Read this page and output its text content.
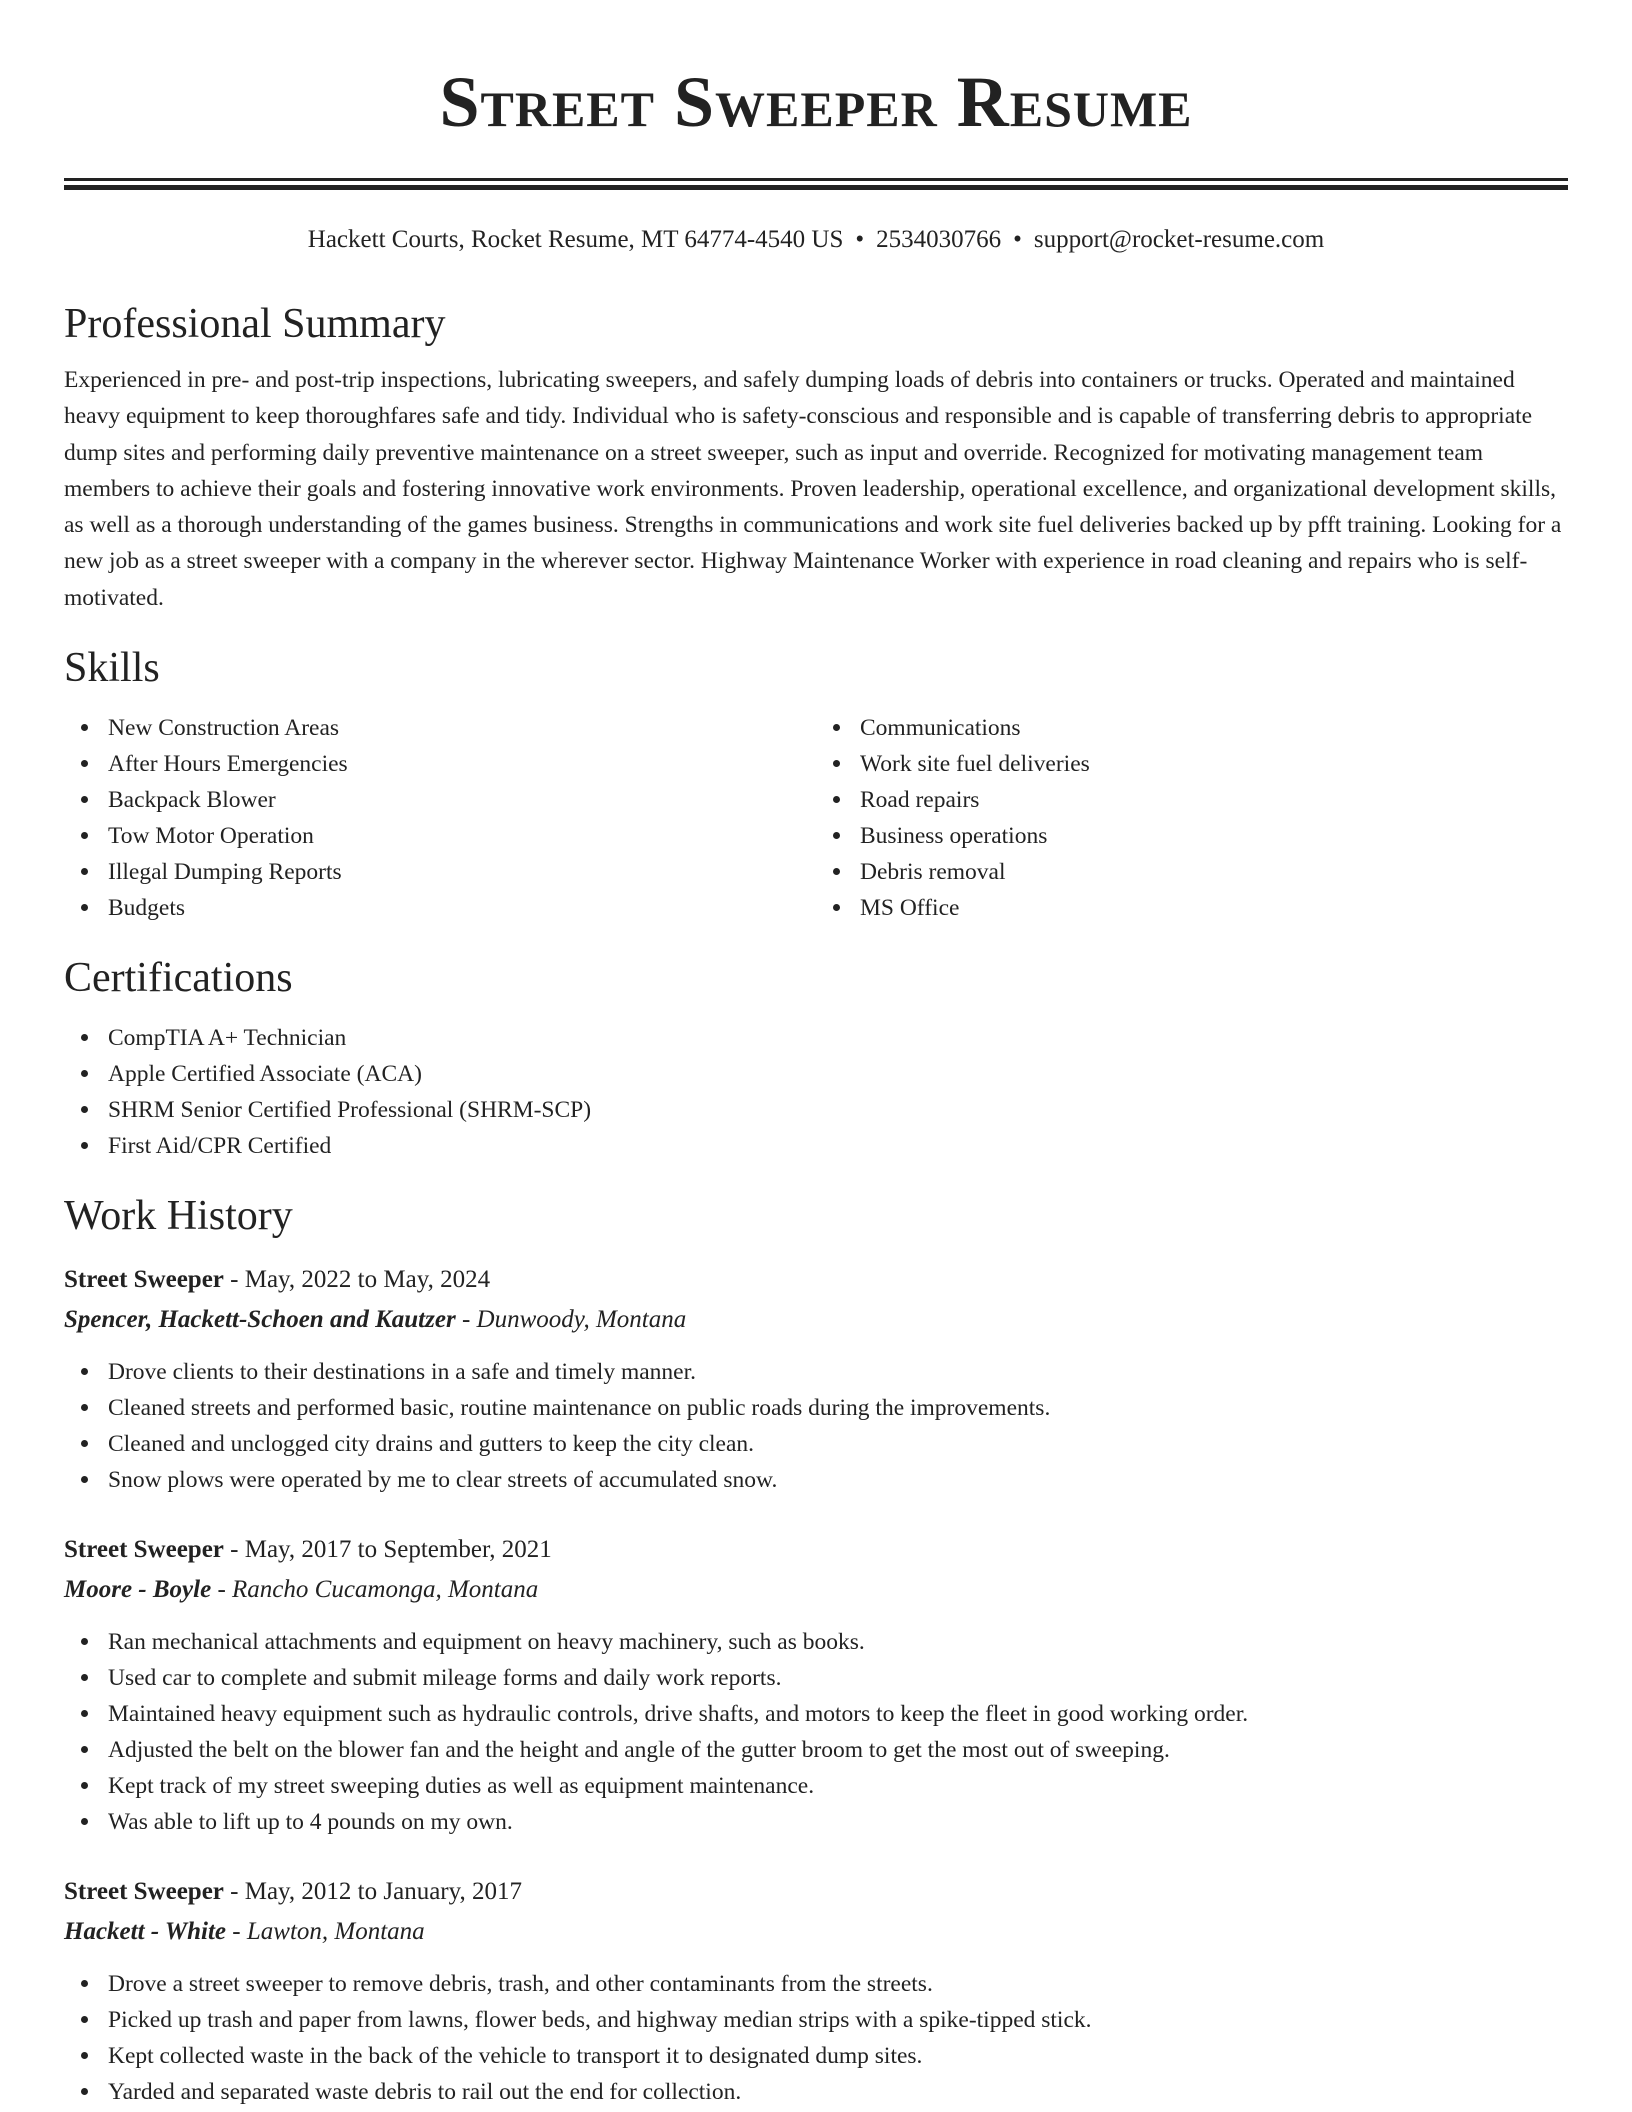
Street Sweeper Resume
Hackett Courts, Rocket Resume, MT 64774-4540 US • 2534030766 • support@rocket-resume.com
Professional Summary
Experienced in pre- and post-trip inspections, lubricating sweepers, and safely dumping loads of debris into containers or trucks. Operated and maintained heavy equipment to keep thoroughfares safe and tidy. Individual who is safety-conscious and responsible and is capable of transferring debris to appropriate dump sites and performing daily preventive maintenance on a street sweeper, such as input and override. Recognized for motivating management team members to achieve their goals and fostering innovative work environments. Proven leadership, operational excellence, and organizational development skills, as well as a thorough understanding of the games business. Strengths in communications and work site fuel deliveries backed up by pfft training. Looking for a new job as a street sweeper with a company in the wherever sector. Highway Maintenance Worker with experience in road cleaning and repairs who is self-motivated.
Skills
New Construction Areas
After Hours Emergencies
Backpack Blower
Tow Motor Operation
Illegal Dumping Reports
Budgets
Communications
Work site fuel deliveries
Road repairs
Business operations
Debris removal
MS Office
Certifications
CompTIA A+ Technician
Apple Certified Associate (ACA)
SHRM Senior Certified Professional (SHRM-SCP)
First Aid/CPR Certified
Work History
Street Sweeper - May, 2022 to May, 2024
Spencer, Hackett-Schoen and Kautzer - Dunwoody, Montana
Drove clients to their destinations in a safe and timely manner.
Cleaned streets and performed basic, routine maintenance on public roads during the improvements.
Cleaned and unclogged city drains and gutters to keep the city clean.
Snow plows were operated by me to clear streets of accumulated snow.
Street Sweeper - May, 2017 to September, 2021
Moore - Boyle - Rancho Cucamonga, Montana
Ran mechanical attachments and equipment on heavy machinery, such as books.
Used car to complete and submit mileage forms and daily work reports.
Maintained heavy equipment such as hydraulic controls, drive shafts, and motors to keep the fleet in good working order.
Adjusted the belt on the blower fan and the height and angle of the gutter broom to get the most out of sweeping.
Kept track of my street sweeping duties as well as equipment maintenance.
Was able to lift up to 4 pounds on my own.
Street Sweeper - May, 2012 to January, 2017
Hackett - White - Lawton, Montana
Drove a street sweeper to remove debris, trash, and other contaminants from the streets.
Picked up trash and paper from lawns, flower beds, and highway median strips with a spike-tipped stick.
Kept collected waste in the back of the vehicle to transport it to designated dump sites.
Yarded and separated waste debris to rail out the end for collection.
